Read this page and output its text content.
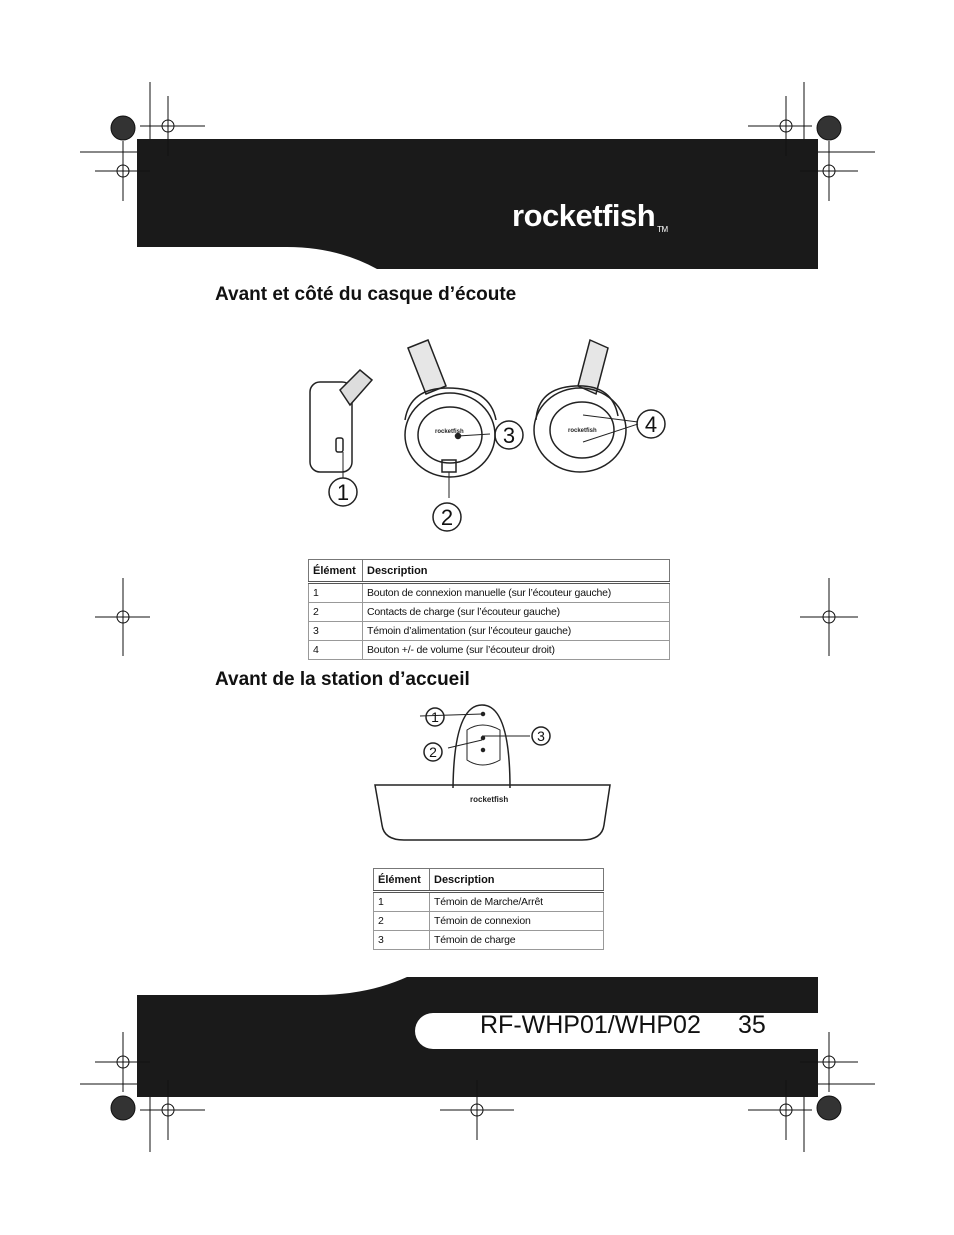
rocketfish TM
Avant et côté du casque d’écoute
1
2
3	4
rocketfish	rocketfish
Élément	Description
1	Bouton de connexion manuelle (sur l’écouteur gauche)
2	Contacts de charge (sur l’écouteur gauche)
3	Témoin d’alimentation (sur l’écouteur gauche)
4	Bouton +/- de volume (sur l’écouteur droit)
Avant de la station d’accueil
1
2
3
rocketfish
Élément	Description
1	Témoin de Marche/Arrêt
2	Témoin de connexion
3	Témoin de charge
RF-WHP01/WHP02 35
